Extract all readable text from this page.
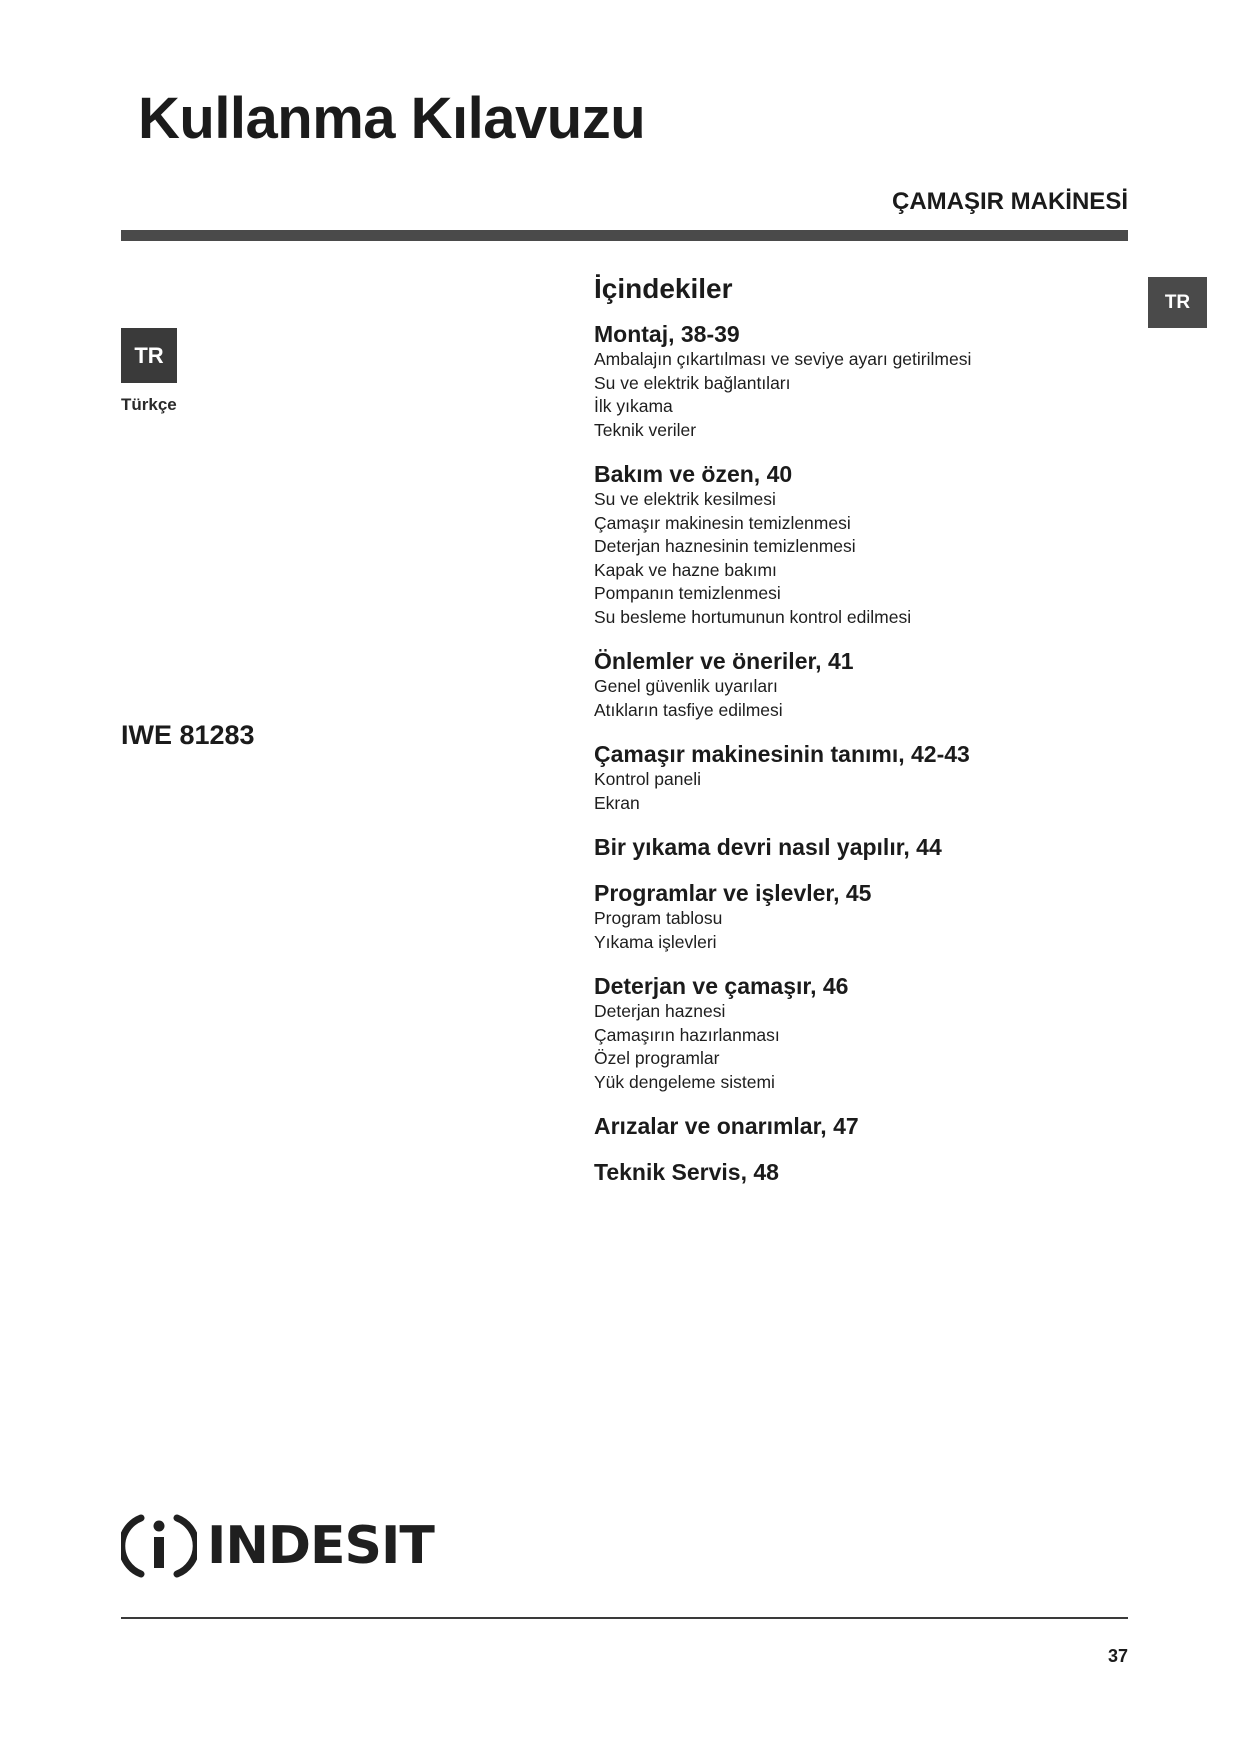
Kullanma Kılavuzu
ÇAMAŞIR MAKİNESİ
TR
Türkçe
IWE 81283
TR
İçindekiler
Montaj, 38-39
Ambalajın çıkartılması ve seviye ayarı getirilmesi
Su ve elektrik bağlantıları
İlk yıkama
Teknik veriler
Bakım ve özen, 40
Su ve elektrik kesilmesi
Çamaşır makinesin temizlenmesi
Deterjan haznesinin temizlenmesi
Kapak ve hazne bakımı
Pompanın temizlenmesi
Su besleme hortumunun kontrol edilmesi
Önlemler ve öneriler, 41
Genel güvenlik uyarıları
Atıkların tasfiye edilmesi
Çamaşır makinesinin tanımı, 42-43
Kontrol paneli
Ekran
Bir yıkama devri nasıl yapılır, 44
Programlar ve işlevler, 45
Program tablosu
Yıkama işlevleri
Deterjan ve çamaşır, 46
Deterjan haznesi
Çamaşırın hazırlanması
Özel programlar
Yük dengeleme sistemi
Arızalar ve onarımlar, 47
Teknik Servis, 48
INDESIT
37
